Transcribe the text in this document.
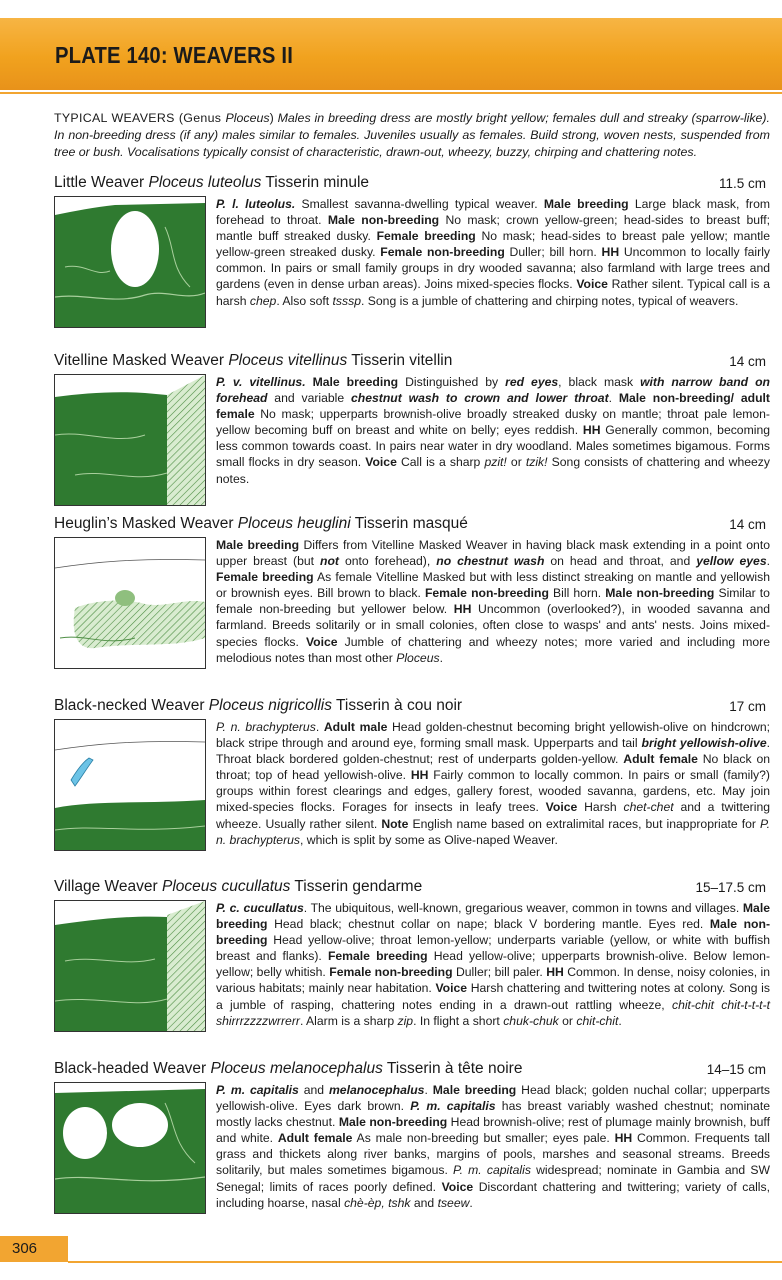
PLATE 140: WEAVERS II
TYPICAL WEAVERS (Genus Ploceus) Males in breeding dress are mostly bright yellow; females dull and streaky (sparrow-like). In non-breeding dress (if any) males similar to females. Juveniles usually as females. Build strong, woven nests, suspended from tree or bush. Vocalisations typically consist of characteristic, drawn-out, wheezy, buzzy, chirping and chattering notes.
Little Weaver Ploceus luteolus Tisserin minule	11.5 cm
P. l. luteolus. Smallest savanna-dwelling typical weaver. Male breeding Large black mask, from forehead to throat. Male non-breeding No mask; crown yellow-green; head-sides to breast buff; mantle buff streaked dusky. Female breeding No mask; head-sides to breast pale yellow; mantle yellow-green streaked dusky. Female non-breeding Duller; bill horn. HH Uncommon to locally fairly common. In pairs or small family groups in dry wooded savanna; also farmland with large trees and gardens (even in dense urban areas). Joins mixed-species flocks. Voice Rather silent. Typical call is a harsh chep. Also soft tsssp. Song is a jumble of chattering and chirping notes, typical of weavers.
Vitelline Masked Weaver Ploceus vitellinus Tisserin vitellin	14 cm
P. v. vitellinus. Male breeding Distinguished by red eyes, black mask with narrow band on forehead and variable chestnut wash to crown and lower throat. Male non-breeding/ adult female No mask; upperparts brownish-olive broadly streaked dusky on mantle; throat pale lemon-yellow becoming buff on breast and white on belly; eyes reddish. HH Generally common, becoming less common towards coast. In pairs near water in dry woodland. Males sometimes bigamous. Forms small flocks in dry season. Voice Call is a sharp pzit! or tzik! Song consists of chattering and wheezy notes.
Heuglin’s Masked Weaver Ploceus heuglini Tisserin masqué	14 cm
Male breeding Differs from Vitelline Masked Weaver in having black mask extending in a point onto upper breast (but not onto forehead), no chestnut wash on head and throat, and yellow eyes. Female breeding As female Vitelline Masked but with less distinct streaking on mantle and yellowish or brownish eyes. Bill brown to black. Female non-breeding Bill horn. Male non-breeding Similar to female non-breeding but yellower below. HH Uncommon (overlooked?), in wooded savanna and farmland. Breeds solitarily or in small colonies, often close to wasps' and ants' nests. Joins mixed-species flocks. Voice Jumble of chattering and wheezy notes; more varied and including more melodious notes than most other Ploceus.
Black-necked Weaver Ploceus nigricollis Tisserin à cou noir	17 cm
P. n. brachypterus. Adult male Head golden-chestnut becoming bright yellowish-olive on hindcrown; black stripe through and around eye, forming small mask. Upperparts and tail bright yellowish-olive. Throat black bordered golden-chestnut; rest of underparts golden-yellow. Adult female No black on throat; top of head yellowish-olive. HH Fairly common to locally common. In pairs or small (family?) groups within forest clearings and edges, gallery forest, wooded savanna, gardens, etc. May join mixed-species flocks. Forages for insects in leafy trees. Voice Harsh chet-chet and a twittering wheeze. Usually rather silent. Note English name based on extralimital races, but inappropriate for P. n. brachypterus, which is split by some as Olive-naped Weaver.
Village Weaver Ploceus cucullatus Tisserin gendarme	15–17.5 cm
P. c. cucullatus. The ubiquitous, well-known, gregarious weaver, common in towns and villages. Male breeding Head black; chestnut collar on nape; black V bordering mantle. Eyes red. Male non-breeding Head yellow-olive; throat lemon-yellow; underparts variable (yellow, or white with buffish breast and flanks). Female breeding Head yellow-olive; upperparts brownish-olive. Below lemon-yellow; belly whitish. Female non-breeding Duller; bill paler. HH Common. In dense, noisy colonies, in various habitats; mainly near habitation. Voice Harsh chattering and twittering notes at colony. Song is a jumble of rasping, chattering notes ending in a drawn-out rattling wheeze, chit-chit chit-t-t-t-t shirrrzzzzwrrerr. Alarm is a sharp zip. In flight a short chuk-chuk or chit-chit.
Black-headed Weaver Ploceus melanocephalus Tisserin à tête noire	14–15 cm
P. m. capitalis and melanocephalus. Male breeding Head black; golden nuchal collar; upperparts yellowish-olive. Eyes dark brown. P. m. capitalis has breast variably washed chestnut; nominate mostly lacks chestnut. Male non-breeding Head brownish-olive; rest of plumage mainly brownish, buff and white. Adult female As male non-breeding but smaller; eyes pale. HH Common. Frequents tall grass and thickets along river banks, margins of pools, marshes and seasonal streams. Breeds solitarily, but males sometimes bigamous. P. m. capitalis widespread; nominate in Gambia and SW Senegal; limits of races poorly defined. Voice Discordant chattering and twittering; variety of calls, including hoarse, nasal chè-èp, tshk and tseew.
306
